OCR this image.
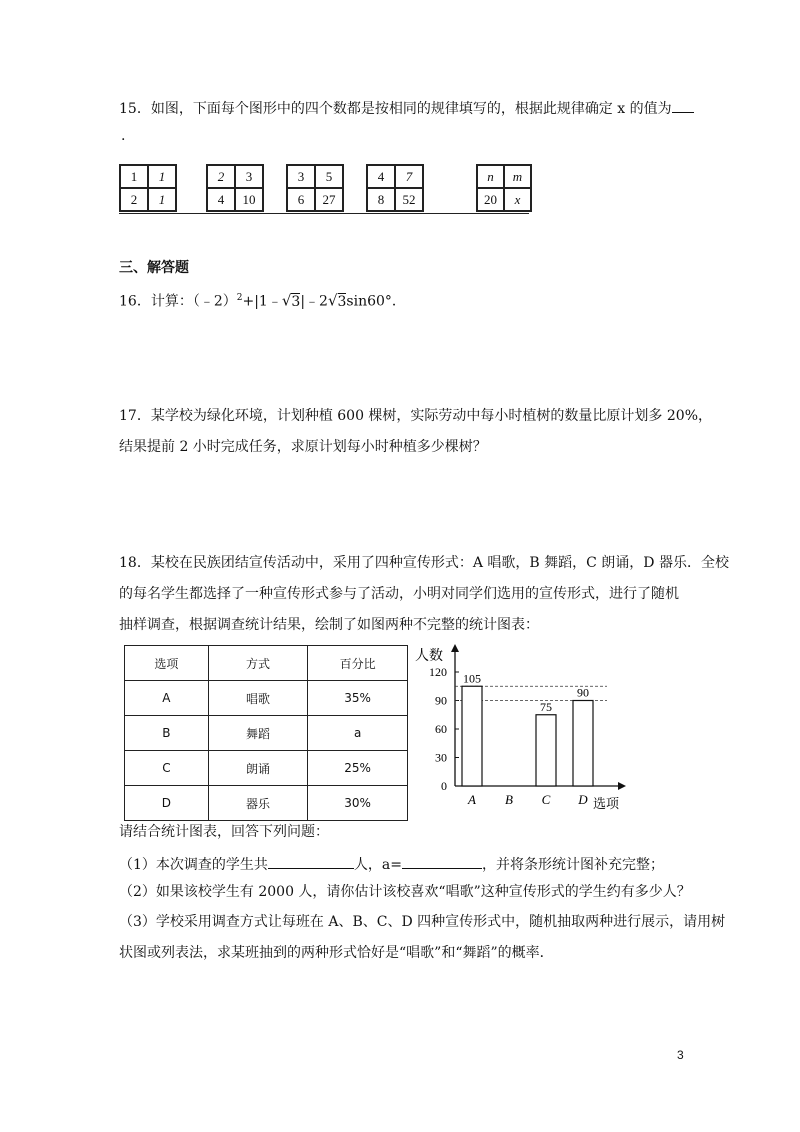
15．如图，下面每个图形中的四个数都是按相同的规律填写的，根据此规律确定 x 的值为
.
1	1
2	1
2	3
4	10
3	5
6	27
4	7
8	52
n	m
20	x
三、解答题
16．计算：（﹣2）$^2$+|1﹣√3|﹣2√3sin60°．
17．某学校为绿化环境，计划种植 600 棵树，实际劳动中每小时植树的数量比原计划多 20%，
结果提前 2 小时完成任务，求原计划每小时种植多少棵树？
18．某校在民族团结宣传活动中，采用了四种宣传形式：A 唱歌，B 舞蹈，C 朗诵，D 器乐．全校
的每名学生都选择了一种宣传形式参与了活动，小明对同学们选用的宣传形式，进行了随机
抽样调查，根据调查统计结果，绘制了如图两种不完整的统计图表：
选项	方式	百分比
A	唱歌	35%
B	舞蹈	a
C	朗诵	25%
D	器乐	30%
人数
0
30
60
90
120
A
105
B C
75
D
90
选项
请结合统计图表，回答下列问题：
（1）本次调查的学生共	人，a=	，并将条形统计图补充完整；
（2）如果该校学生有 2000 人，请你估计该校喜欢“唱歌”这种宣传形式的学生约有多少人？
（3）学校采用调查方式让每班在 A、B、C、D 四种宣传形式中，随机抽取两种进行展示，请用树
状图或列表法，求某班抽到的两种形式恰好是“唱歌”和“舞蹈”的概率．
3
